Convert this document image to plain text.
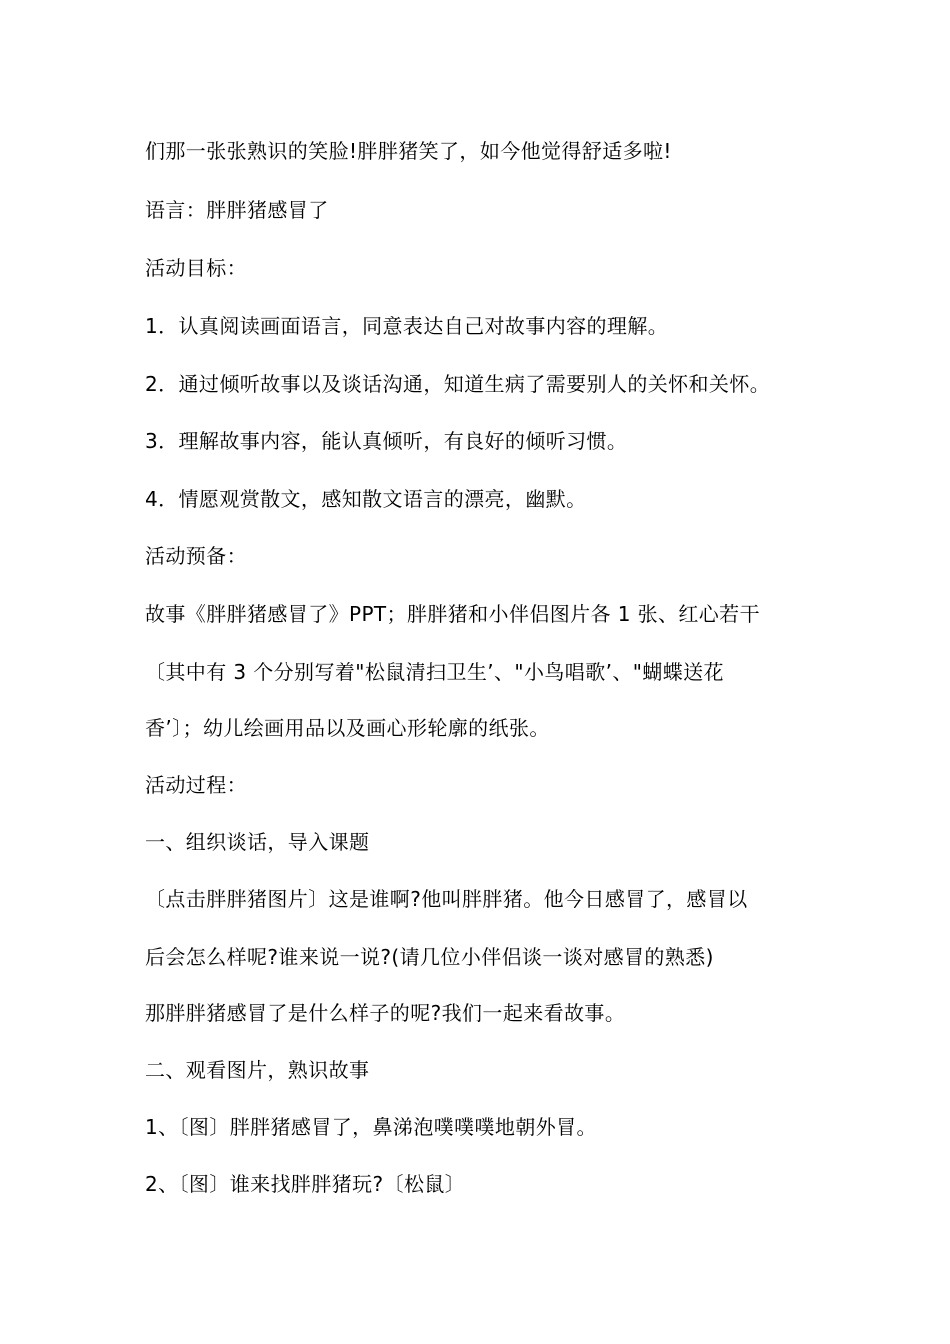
们那一张张熟识的笑脸!胖胖猪笑了，如今他觉得舒适多啦!
语言：胖胖猪感冒了
活动目标：
1．认真阅读画面语言，同意表达自己对故事内容的理解。
2．通过倾听故事以及谈话沟通，知道生病了需要别人的关怀和关怀。
3．理解故事内容，能认真倾听，有良好的倾听习惯。
4．情愿观赏散文，感知散文语言的漂亮，幽默。
活动预备：
故事《胖胖猪感冒了》PPT；胖胖猪和小伴侣图片各 1 张、红心若干
〔其中有 3 个分别写着"松鼠清扫卫生’、"小鸟唱歌’、"蝴蝶送花
香’〕；幼儿绘画用品以及画心形轮廓的纸张。
活动过程：
一、组织谈话，导入课题
〔点击胖胖猪图片〕这是谁啊?他叫胖胖猪。他今日感冒了，感冒以
后会怎么样呢?谁来说一说?(请几位小伴侣谈一谈对感冒的熟悉)
那胖胖猪感冒了是什么样子的呢?我们一起来看故事。
二、观看图片，熟识故事
1、〔图〕胖胖猪感冒了，鼻涕泡噗噗噗地朝外冒。
2、〔图〕谁来找胖胖猪玩?〔松鼠〕
